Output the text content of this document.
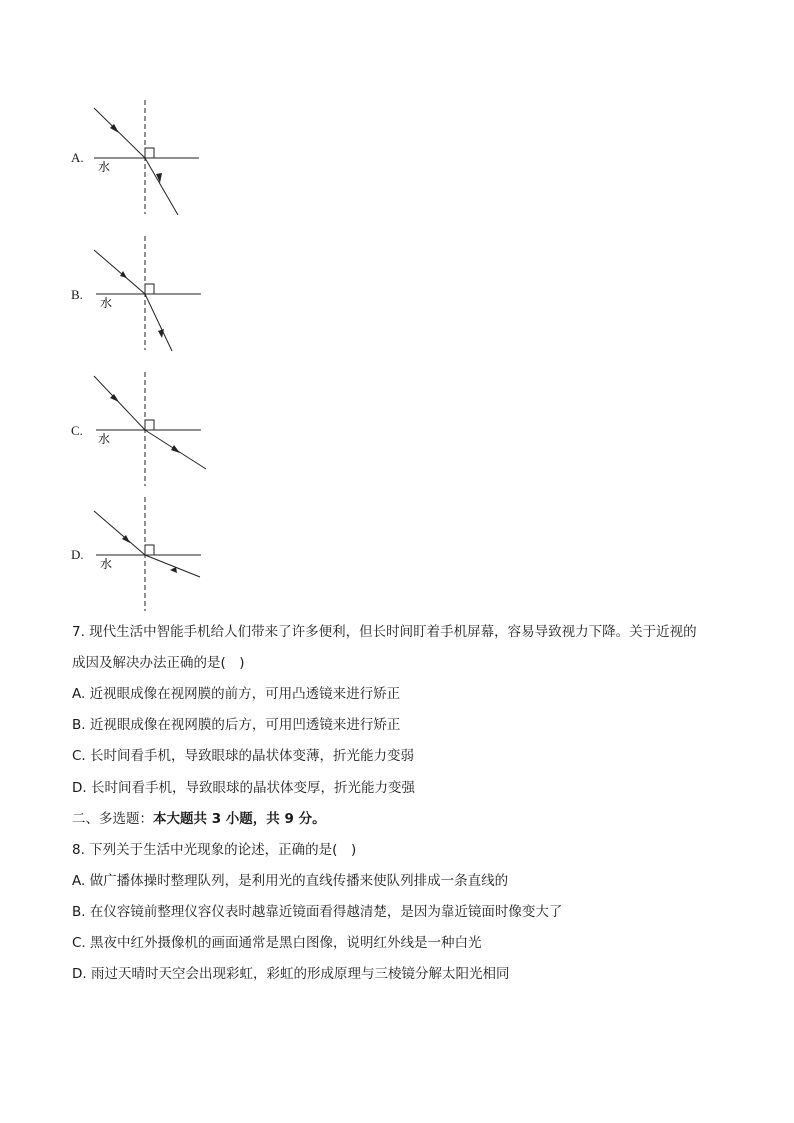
A.
水
B.
水
C.
水
D.
水
7. 现代生活中智能手机给人们带来了许多便利，但长时间盯着手机屏幕，容易导致视力下降。关于近视的
成因及解决办法正确的是(　)
A. 近视眼成像在视网膜的前方，可用凸透镜来进行矫正
B. 近视眼成像在视网膜的后方，可用凹透镜来进行矫正
C. 长时间看手机，导致眼球的晶状体变薄，折光能力变弱
D. 长时间看手机，导致眼球的晶状体变厚，折光能力变强
二、多选题：本大题共 3 小题，共 9 分。
8. 下列关于生活中光现象的论述，正确的是(　)
A. 做广播体操时整理队列，是利用光的直线传播来使队列排成一条直线的
B. 在仪容镜前整理仪容仪表时越靠近镜面看得越清楚，是因为靠近镜面时像变大了
C. 黑夜中红外摄像机的画面通常是黑白图像，说明红外线是一种白光
D. 雨过天晴时天空会出现彩虹，彩虹的形成原理与三棱镜分解太阳光相同
